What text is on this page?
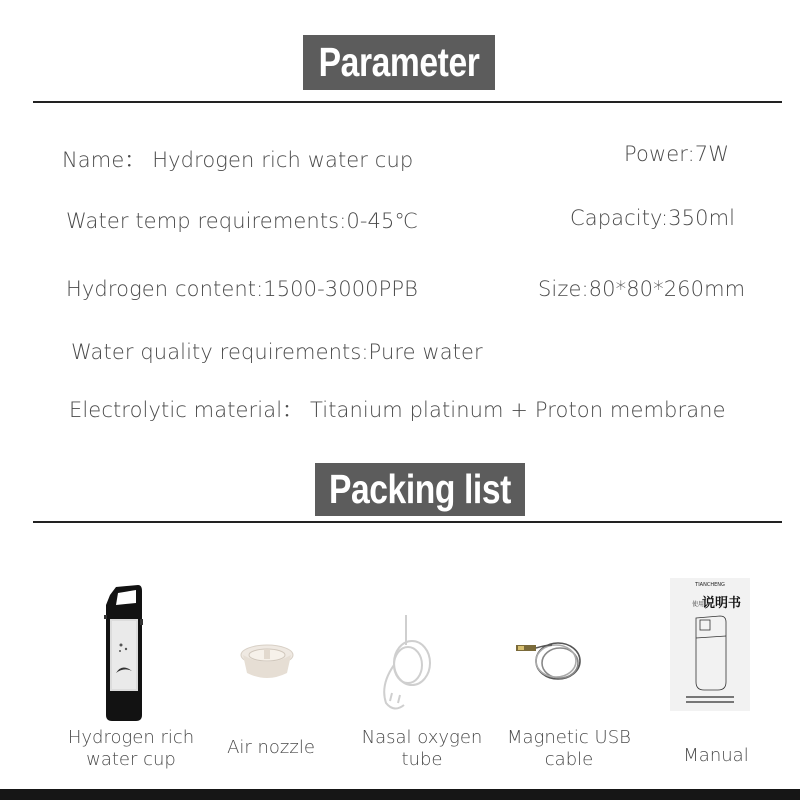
Parameter
Name： Hydrogen rich water cup	Power:7W
Water temp requirements:0-45℃	Capacity:350ml
Hydrogen content:1500-3000PPB	Size:80*80*260mm
Water quality requirements:Pure water
Electrolytic material： Titanium platinum + Proton membrane
Packing list
Hydrogen rich
water cup
Air nozzle	Nasal oxygen
tube
Magnetic USB
cable
TIANCHENG
使用
说明书
Manual
